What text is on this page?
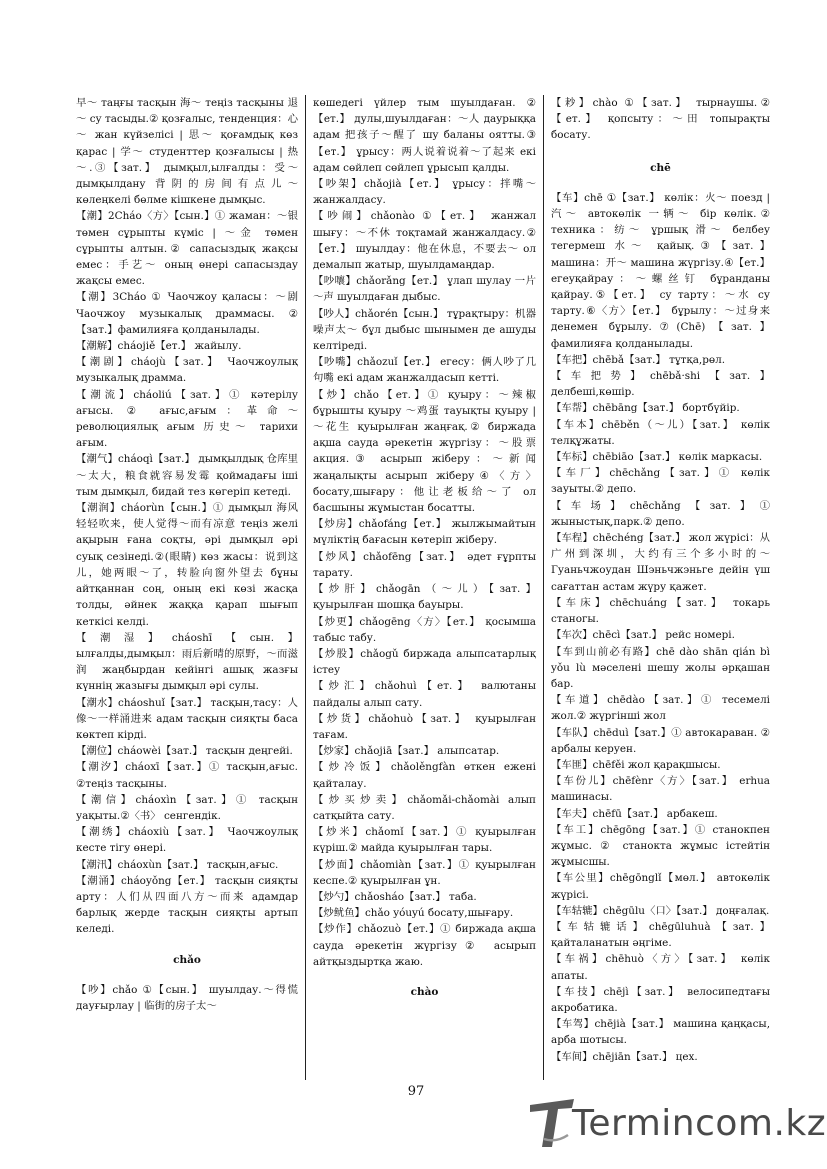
早～ таңғы тасқын 海～ теңіз тасқыны 退～ су тасыды.② қозғалыс, тенденция：心～ жан күйзелісі | 思～ қоғамдық көз қарас | 学～ студенттер қозғалысы | 热～.③【зат.】 дымқыл,ылғалды：受～ дымқылдану 背阴的房间有点儿～ көлеңкелі бөлме кішкене дымқыс.

【潮】2Cháo〈方〉【сын.】① жаман：～银 төмен сұрыпты күміс | ～金 төмен сұрыпты алтын.② сапасыздық жақсы емес：手艺～ оның өнері сапасыздау жақсы емес.

【潮】3Cháo ① Чаочжоу қаласы：～剧 Чаочжоу музыкалық драммасы. ②【зат.】фамилияға қолданылады.

【潮解】cháojiě【ет.】 жайылу.

【潮剧】cháojù【зат.】 Чаочжоулық музыкалық драмма.

【潮流】cháoliú【зат.】① кәтерілу ағысы. ② ағыс,ағым：革命～ революциялық ағым 历史～ тарихи ағым.

【潮气】cháoqì【зат.】 дымқылдық 仓库里～太大，粮食就容易发霉 қоймадағы іші тым дымқыл, бидай тез көгеріп кетеді.

【潮润】cháorùn【сын.】① дымқыл 海风轻轻吹来，使人觉得～而有凉意 теңіз желі ақырын ғана соқты, әрі дымқыл әрі суық сезінеді.②(眼睛) көз жасы：说到这儿，她两眼～了，转脸向窗外望去 бұны айтқаннан соң, оның екі көзі жасқа толды, әйнек жаққа қарап шығып кеткісі келді.

【潮湿】cháoshī【сын.】 ылғалды,дымқыл：雨后新晴的原野，～而滋润 жаңбырдан кейінгі ашық жазғы күннің жазығы дымқыл әрі сулы.

【潮水】cháoshuǐ【зат.】 тасқын,тасу：人像～一样涌进来 адам тасқын сияқты баса көктеп кірді.

【潮位】cháowèi【зат.】 тасқын деңгейі.

【潮汐】cháoxī【зат.】① тасқын,ағыс. ②теңіз тасқыны.

【潮信】cháoxìn【зат.】① тасқын уақыты.②〈书〉 сенгендік.

【潮绣】cháoxiù【зат.】 Чаочжоулық кесте тігу өнері.

【潮汛】cháoxùn【зат.】 тасқын,ағыс.

【潮涌】cháoyǒng【ет.】 тасқын сияқты арту：人们从四面八方～而来 адамдар барлық жерде тасқын сияқты артып келеді.

chǎo

【吵】chǎo ①【сын.】 шуылдау.～得慌 дауғырлау | 临街的房子太～

көшедегі үйлер тым шуылдаған. ②【ет.】 дулы,шуылдаған：～人 даурыққа адам 把孩子～醒了 шу баланы оятты.③【ет.】 ұрысу：两人说着说着～了起来 екі адам сөйлеп сөйлеп ұрысып қалды.

【吵架】chǎojià【ет.】 ұрысу：拌嘴～ жанжалдасу.

【吵闹】chǎonào ①【ет.】 жанжал шығу：～不休 тоқтамай жанжалдасу.②【ет.】 шуылдау：他在休息，不要去～ ол демалып жатыр, шуылдамаңдар.

【吵嚷】chǎorǎng【ет.】 ұлап шулау 一片～声 шуылдаған дыбыс.

【吵人】chǎorén【сын.】 тұрақтыру：机器噪声太～ бұл дыбыс шынымен де ашуды келтіреді.

【吵嘴】chǎozuǐ【ет.】 егесу：俩人吵了几句嘴 екі адам жанжалдасып кетті.

【炒】chǎo【ет.】① қуыру：～辣椒 бұрышты қуыру ～鸡蛋 тауықты қуыру | ～花生 қуырылған жаңғақ.② биржада ақша сауда әрекетін жүргізу：～股票 акция.③ асырып жіберу：～新闻 жаңалықты асырып жіберу④〈方〉 босату,шығару：他让老板给～了 ол басшыны жұмыстан босатты.

【炒房】chǎofáng【ет.】 жылжымайтын мүліктің бағасын көтеріп жіберу.

【炒风】chǎofēng【зат.】 әдет ғұрпты тарату.

【炒肝】chǎogān（～儿）【зат.】 қуырылған шошқа бауыры.

【炒更】chǎogēng〈方〉【ет.】 қосымша табыс табу.

【炒股】chǎogǔ биржада алыпсатарлық істеу

【炒汇】chǎohuì【ет.】 валютаны пайдалы алып сату.

【炒货】chǎohuò【зат.】 қуырылған тағам.

【炒家】chǎojiā【зат.】 алыпсатар.

【炒冷饭】chǎolěngfàn өткен ежені қайталау.

【炒买炒卖】chǎomǎi-chǎomài алып сатқыйта сату.

【炒米】chǎomǐ【зат.】① қуырылған күріш.② майда қуырылған тары.

【炒面】chǎomiàn【зат.】① қуырылған кеспе.② қуырылған ұн.

【炒勺】chǎosháo【зат.】 таба.

【炒鱿鱼】chǎo yóuyú босату,шығару.

【炒作】chǎozuò【ет.】① биржада ақша сауда әрекетін жүргізу② асырып айтқыздыртқа жаю.

chào

【耖】chào ①【зат.】 тырнаушы.②【ет.】 қопсыту：～田 топырақты босату.

chē

【车】chē ①【зат.】 көлік：火～ поезд | 汽～ автокөлік 一辆～ бір көлік.② техника：纺～ ұршық 滑～ белбеу тегермеш 水～ қайық.③【зат.】 машина：开～ машина жүргізу.④【ет.】 егеуқайрау：～螺丝钉 бұранданы қайрау.⑤【ет.】 су тарту：～水 су тарту.⑥〈方〉【ет.】 бұрылу：～过身来 денемен бұрылу.⑦(Chē)【зат.】 фамилияға қолданылады.

【车把】chēbǎ【зат.】 тұтқа,рөл.

【车把势】chēbǎ·shi【зат.】 делбеші,көшір.

【车帮】chēbāng【зат.】 бортбүйір.

【车本】chēběn（～儿）【зат.】 көлік телқұжаты.

【车标】chēbiāo【зат.】 көлік маркасы.

【车厂】chēchǎng【зат.】① көлік зауыты.② депо.

【车场】chēchǎng【зат.】① жыныстық,парк.② депо.

【车程】chēchéng【зат.】 жол жүрісі：从广州到深圳，大约有三个多小时的～ Гуаньчжоудан Шэньчжэньге дейін үш сағаттан астам жүру қажет.

【车床】chēchuáng【зат.】 токарь станогы.

【车次】chēcì【зат.】 рейс номері.

【车到山前必有路】chē dào shān qián bì yǒu lù мәселені шешу жолы әрқашан бар.

【车道】chēdào【зат.】① тесемелі жол.② жүргінші жол

【车队】chēduì【зат.】① автокараван. ② арбалы керуен.

【车匪】chēfěi жол қарақшысы.

【车份儿】chēfènr〈方〉【зат.】 erhua машинасы.

【车夫】chēfū【зат.】 арбакеш.

【车工】chēgōng【зат.】① станокпен жұмыс. ② станокта жұмыс істейтін жұмысшы.

【车公里】chēgōnglǐ【мөл.】 автокөлік жүрісі.

【车轱辘】chēgūlu〈口〉【зат.】 доңғалақ.

【车轱辘话】chēgūluhuà【зат.】 қайталанатын әңгіме.

【车祸】chēhuò〈方〉【зат.】 көлік апаты.

【车技】chējì【зат.】 велосипедтағы акробатика.

【车驾】chējià【зат.】 машина қаңқасы, арба шотысы.

【车间】chējiān【зат.】 цех.

97
Termincom.kz
